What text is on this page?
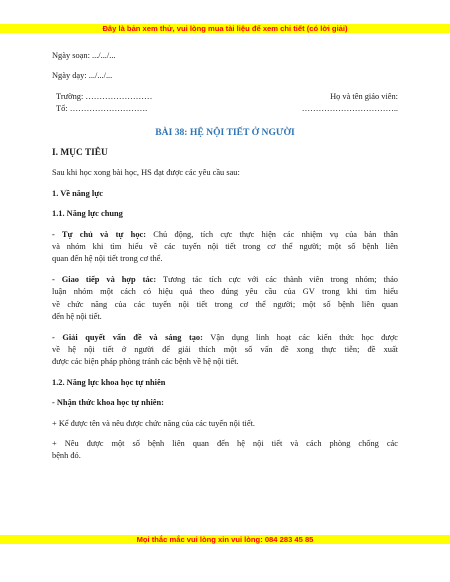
Đây là bản xem thử, vui lòng mua tài liệu để xem chi tiết (có lời giải)

Ngày soạn: .../.../...

Ngày dạy: .../.../...

Trường: ……………………	Họ và tên giáo viên:
Tổ: ……………………….	……………………………..

BÀI 38: HỆ NỘI TIẾT Ở NGƯỜI

I. MỤC TIÊU

Sau khi học xong bài học, HS đạt được các yêu cầu sau:

1. Về năng lực

1.1. Năng lực chung

- Tự chủ và tự học: Chủ động, tích cực thực hiện các nhiệm vụ của bản thân
và nhóm khi tìm hiểu về các tuyến nội tiết trong cơ thể người; một số bệnh liên
quan đến hệ nội tiết trong cơ thể.
- Giao tiếp và hợp tác: Tương tác tích cực với các thành viên trong nhóm; thảo
luận nhóm một cách có hiệu quả theo đúng yêu cầu của GV trong khi tìm hiểu
về chức năng của các tuyến nội tiết trong cơ thể người; một số bệnh liên quan
đến hệ nội tiết.
- Giải quyết vấn đề và sáng tạo: Vận dụng linh hoạt các kiến thức học được
về hệ nội tiết ở người để giải thích một số vấn đề xong thực tiễn; đề xuất
được các biện pháp phòng tránh các bệnh về hệ nội tiết.

1.2. Năng lực khoa học tự nhiên

- Nhận thức khoa học tự nhiên:

+ Kể được tên và nêu được chức năng của các tuyến nội tiết.

+ Nêu được một số bệnh liên quan đến hệ nội tiết và cách phòng chống các
bệnh đó.
Mọi thắc mắc vui lòng xin vui lòng: 084 283 45 85
